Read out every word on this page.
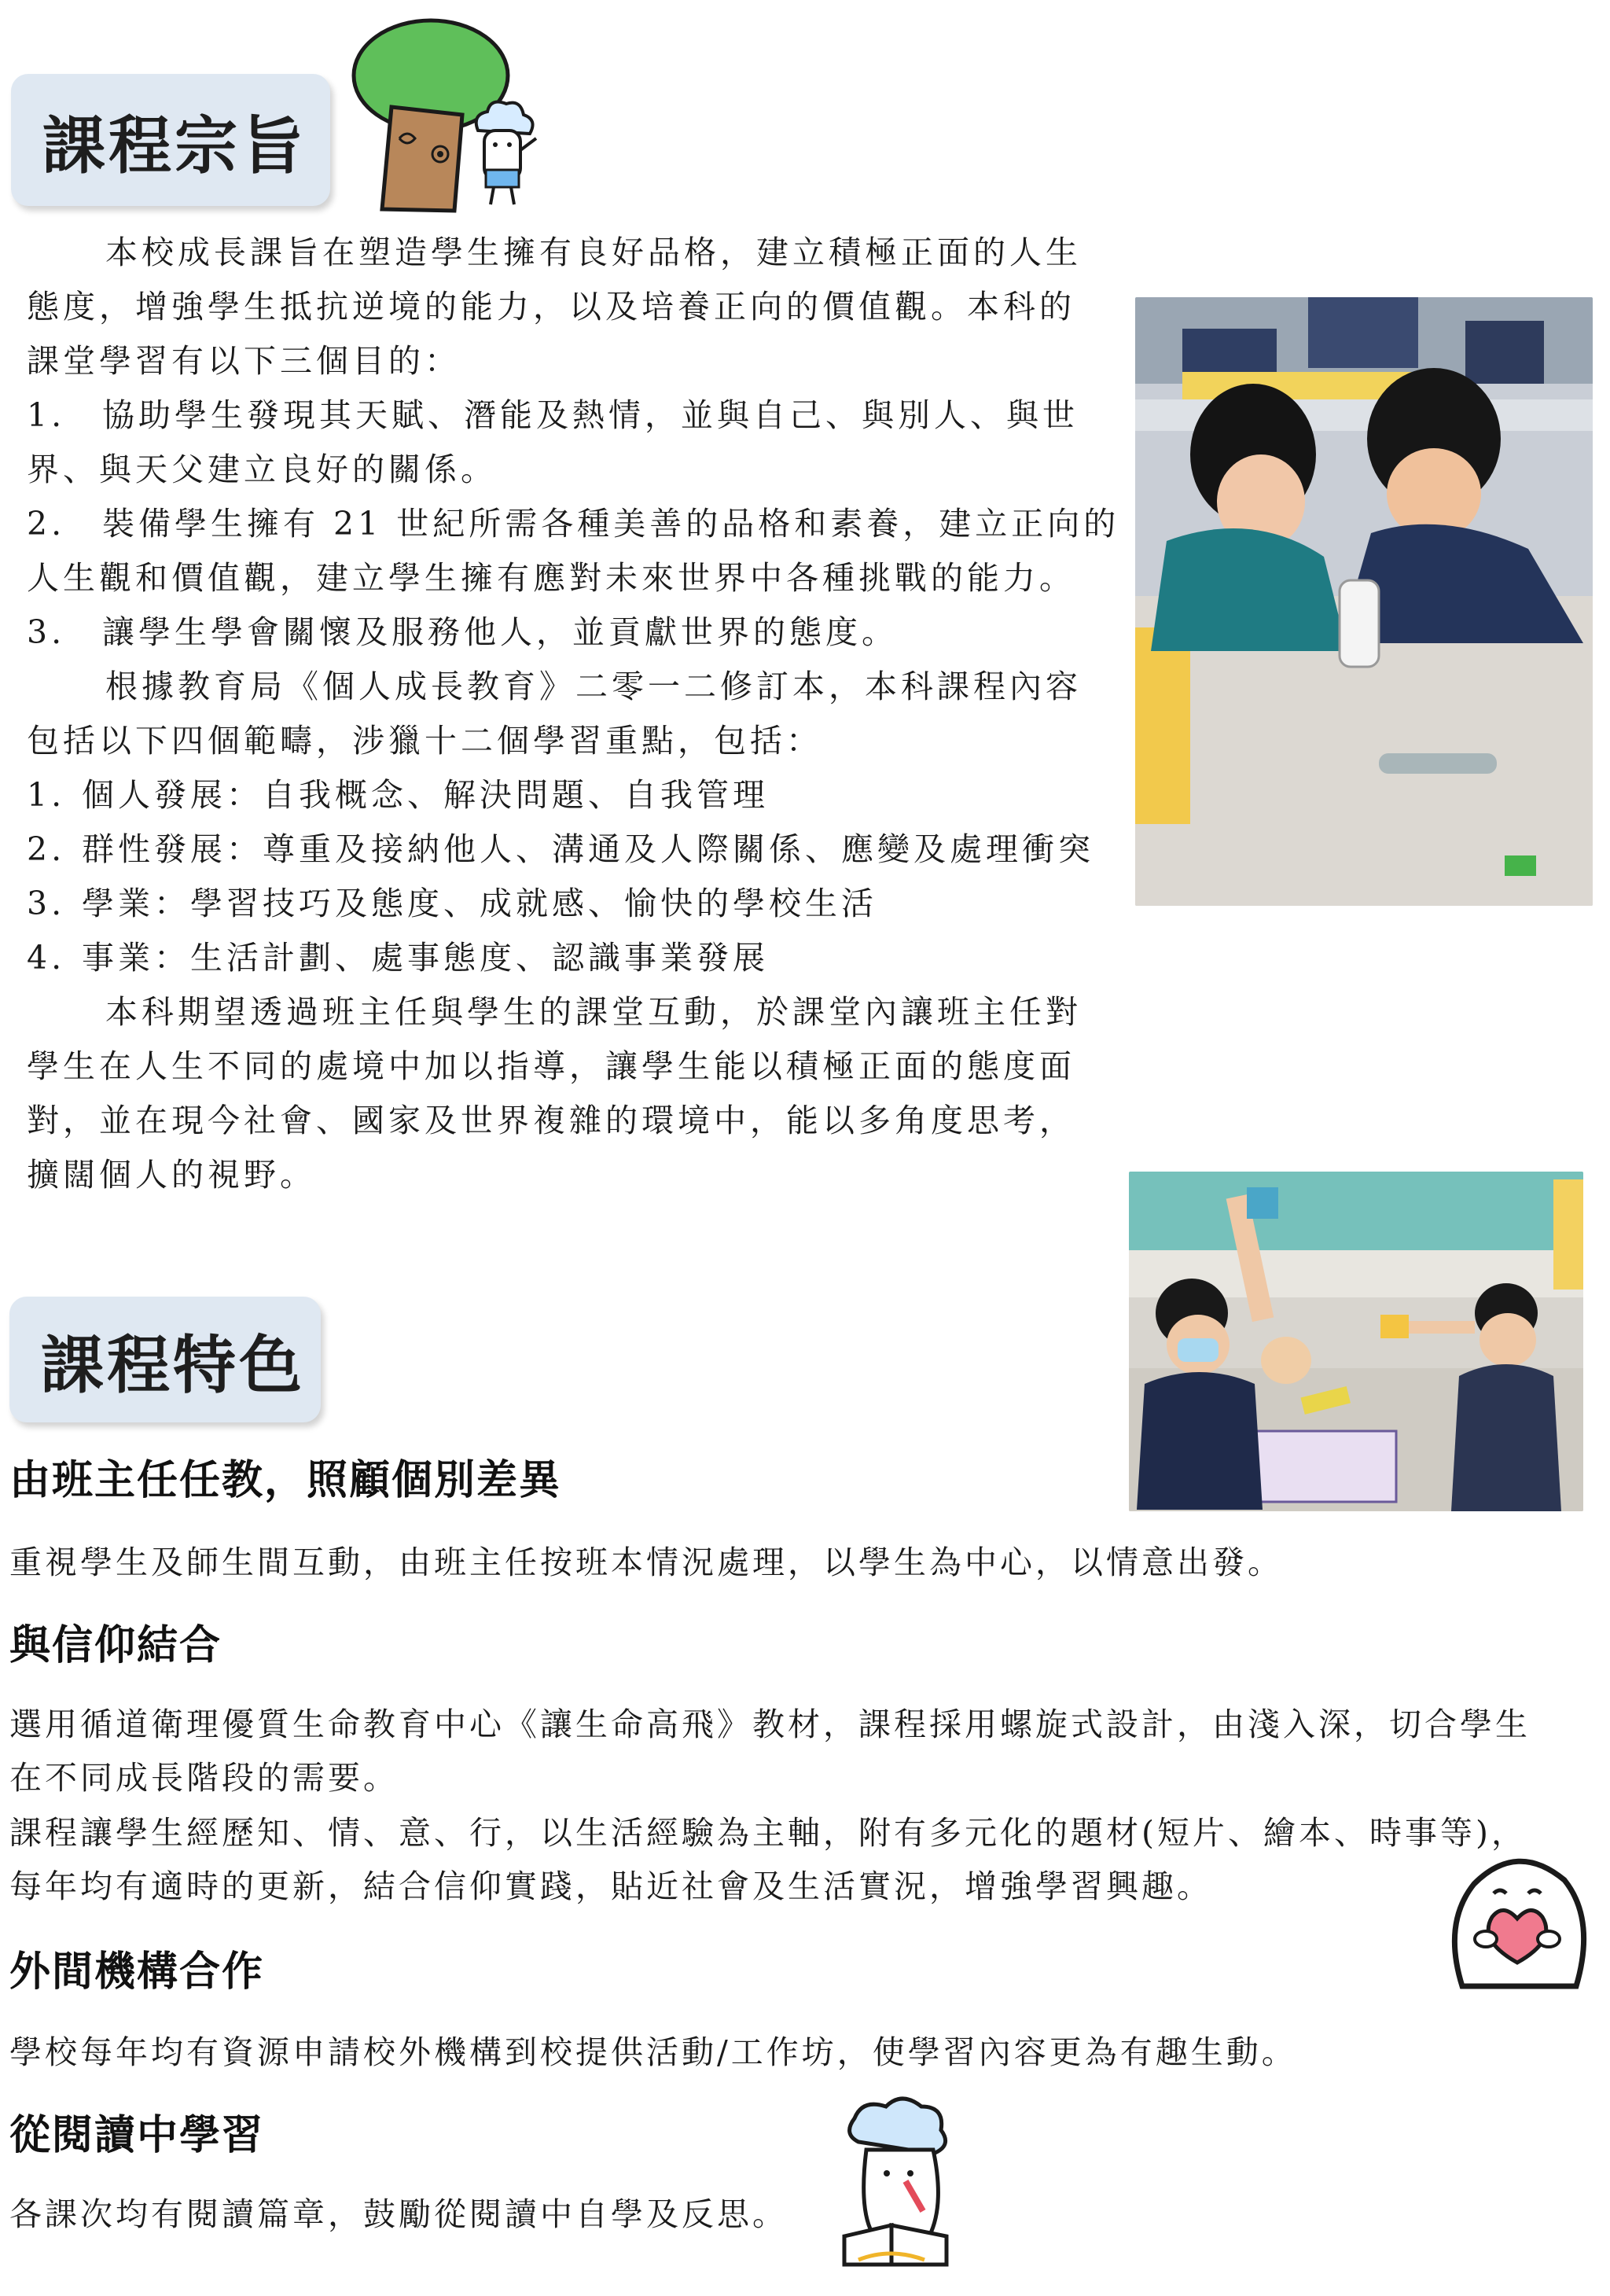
課程宗旨
本校成長課旨在塑造學生擁有良好品格，建立積極正面的人生
態度，增強學生抵抗逆境的能力，以及培養正向的價值觀。本科的
課堂學習有以下三個目的：
1. 協助學生發現其天賦、潛能及熱情，並與自己、與別人、與世
界、與天父建立良好的關係。
2. 裝備學生擁有 21 世紀所需各種美善的品格和素養，建立正向的
人生觀和價值觀，建立學生擁有應對未來世界中各種挑戰的能力。
3. 讓學生學會關懷及服務他人，並貢獻世界的態度。
根據教育局《個人成長教育》二零一二修訂本，本科課程內容
包括以下四個範疇，涉獵十二個學習重點，包括：
1. 個人發展：自我概念、解決問題、自我管理
2. 群性發展：尊重及接納他人、溝通及人際關係、應變及處理衝突
3. 學業：學習技巧及態度、成就感、愉快的學校生活
4. 事業：生活計劃、處事態度、認識事業發展
本科期望透過班主任與學生的課堂互動，於課堂內讓班主任對
學生在人生不同的處境中加以指導，讓學生能以積極正面的態度面
對，並在現今社會、國家及世界複雜的環境中，能以多角度思考，
擴闊個人的視野。
課程特色
由班主任任教，照顧個別差異
重視學生及師生間互動，由班主任按班本情況處理，以學生為中心，以情意出發。
與信仰結合
選用循道衛理優質生命教育中心《讓生命高飛》教材，課程採用螺旋式設計，由淺入深，切合學生
在不同成長階段的需要。
課程讓學生經歷知、情、意、行，以生活經驗為主軸，附有多元化的題材(短片、繪本、時事等)，
每年均有適時的更新，結合信仰實踐，貼近社會及生活實況，增強學習興趣。
外間機構合作
學校每年均有資源申請校外機構到校提供活動/工作坊，使學習內容更為有趣生動。
從閱讀中學習
各課次均有閱讀篇章，鼓勵從閱讀中自學及反思。
